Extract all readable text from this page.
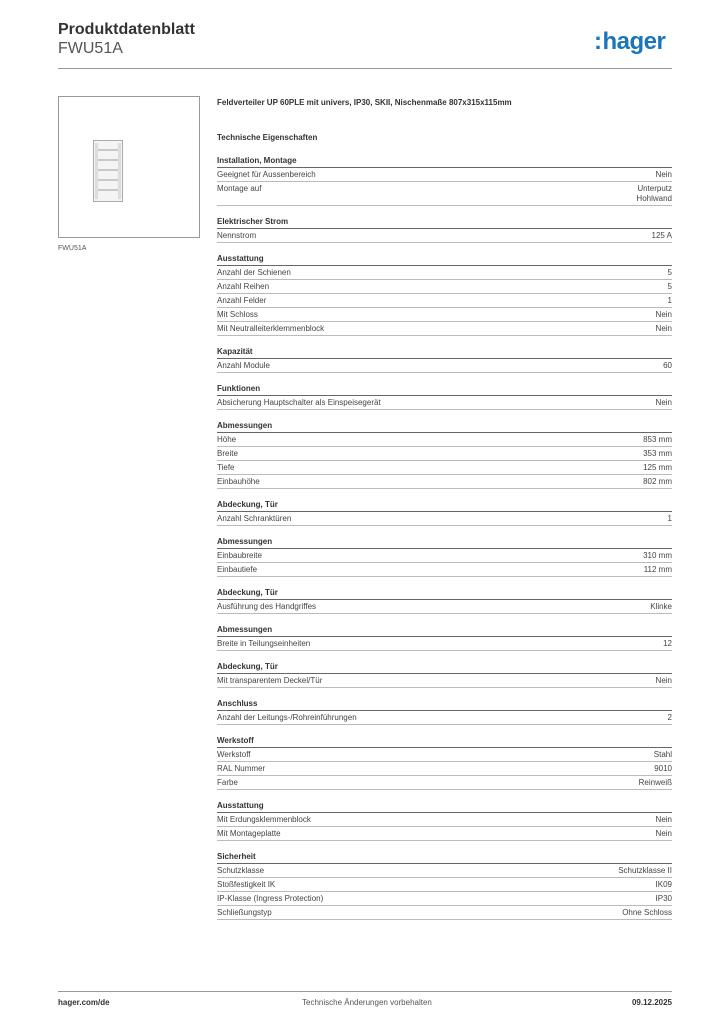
Produktdatenblatt
FWU51A	:hager
FWU51A
Feldverteiler UP 60PLE mit univers, IP30, SKII, Nischenmaße 807x315x115mm
Technische Eigenschaften
Installation, Montage
Geeignet für Aussenbereich	Nein
Montage auf	Unterputz
Hohlwand
Elektrischer Strom
Nennstrom	125 A
Ausstattung
Anzahl der Schienen	5
Anzahl Reihen	5
Anzahl Felder	1
Mit Schloss	Nein
Mit Neutralleiterklemmenblock	Nein
Kapazität
Anzahl Module	60
Funktionen
Absicherung Hauptschalter als Einspeisegerät	Nein
Abmessungen
Höhe	853 mm
Breite	353 mm
Tiefe	125 mm
Einbauhöhe	802 mm
Abdeckung, Tür
Anzahl Schranktüren	1
Abmessungen
Einbaubreite	310 mm
Einbautiefe	112 mm
Abdeckung, Tür
Ausführung des Handgriffes	Klinke
Abmessungen
Breite in Teilungseinheiten	12
Abdeckung, Tür
Mit transparentem Deckel/Tür	Nein
Anschluss
Anzahl der Leitungs-/Rohreinführungen	2
Werkstoff
Werkstoff	Stahl
RAL Nummer	9010
Farbe	Reinweiß
Ausstattung
Mit Erdungsklemmenblock	Nein
Mit Montageplatte	Nein
Sicherheit
Schutzklasse	Schutzklasse II
Stoßfestigkeit IK	IK09
IP-Klasse (Ingress Protection)	IP30
Schließungstyp	Ohne Schloss
hager.com/de	Technische Änderungen vorbehalten	09.12.2025
